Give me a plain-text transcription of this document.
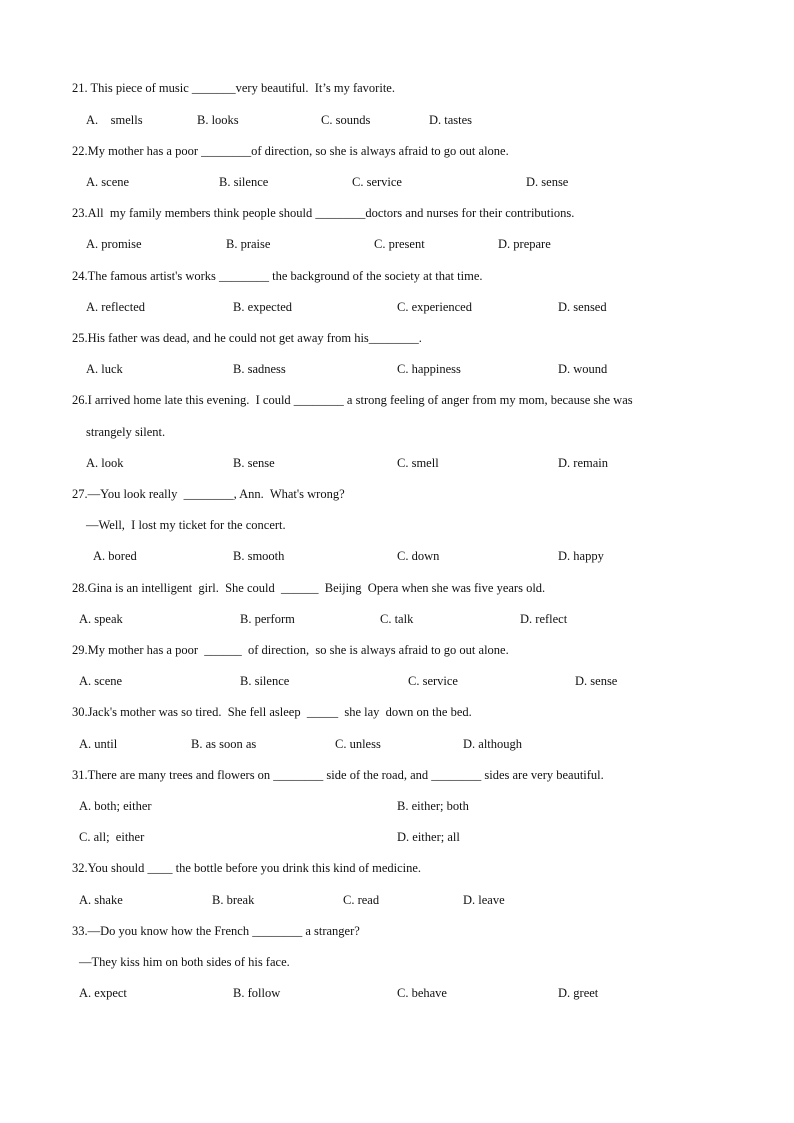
21. This piece of music _______very beautiful.  It’s my favorite.
A.    smells	B. looks	C. sounds	D. tastes
22.My mother has a poor ________of direction, so she is always afraid to go out alone.
A. scene	B. silence	C. service	D. sense
23.All  my family members think people should ________doctors and nurses for their contributions.
A. promise	B. praise	C. present	D. prepare
24.The famous artist's works ________ the background of the society at that time.
A. reflected	B. expected	C. experienced	D. sensed
25.His father was dead, and he could not get away from his________.
A. luck	B. sadness	C. happiness	D. wound
26.I arrived home late this evening.  I could ________ a strong feeling of anger from my mom, because she was
strangely silent.
A. look	B. sense	C. smell	D. remain
27.—You look really  ________, Ann.  What's wrong?
—Well,  I lost my ticket for the concert.
A. bored	B. smooth	C. down	D. happy
28.Gina is an intelligent  girl.  She could  ______  Beijing  Opera when she was five years old.
A. speak	B. perform	C. talk	D. reflect
29.My mother has a poor  ______  of direction,  so she is always afraid to go out alone.
A. scene	B. silence	C. service	D. sense
30.Jack's mother was so tired.  She fell asleep  _____  she lay  down on the bed.
A. until	B. as soon as	C. unless	D. although
31.There are many trees and flowers on ________ side of the road, and ________ sides are very beautiful.
A. both; either	B. either; both
C. all;  either	D. either; all
32.You should ____ the bottle before you drink this kind of medicine.
A. shake	B. break	C. read	D. leave
33.—Do you know how the French ________ a stranger?
—They kiss him on both sides of his face.
A. expect	B. follow	C. behave	D. greet
